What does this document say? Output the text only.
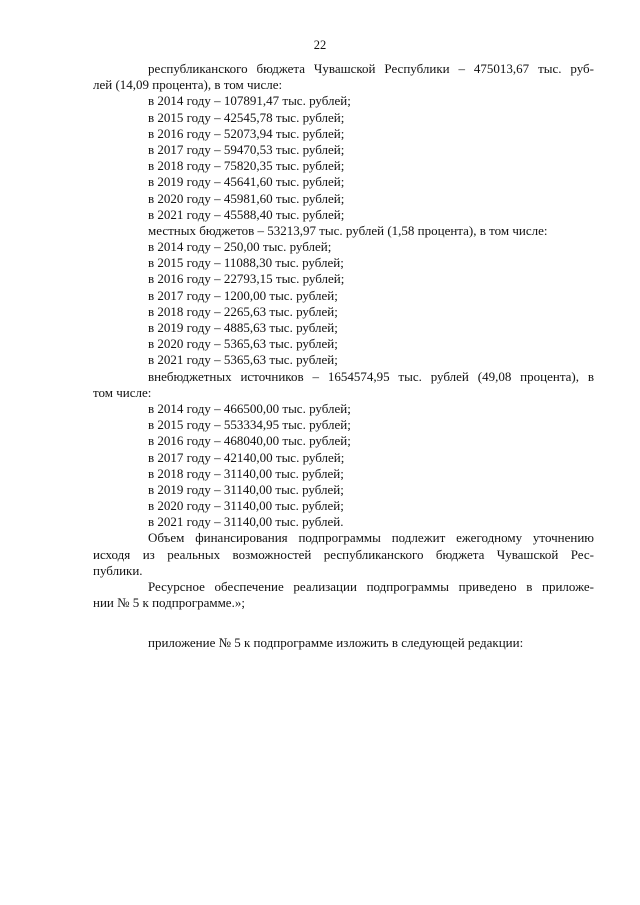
22
республиканского бюджета Чувашской Республики – 475013,67 тыс. руб-
лей (14,09 процента), в том числе:
в 2014 году – 107891,47 тыс. рублей;
в 2015 году – 42545,78 тыс. рублей;
в 2016 году – 52073,94 тыс. рублей;
в 2017 году – 59470,53 тыс. рублей;
в 2018 году – 75820,35 тыс. рублей;
в 2019 году – 45641,60 тыс. рублей;
в 2020 году – 45981,60 тыс. рублей;
в 2021 году – 45588,40 тыс. рублей;
местных бюджетов – 53213,97 тыс. рублей (1,58 процента), в том числе:
в 2014 году – 250,00 тыс. рублей;
в 2015 году – 11088,30 тыс. рублей;
в 2016 году – 22793,15 тыс. рублей;
в 2017 году – 1200,00 тыс. рублей;
в 2018 году – 2265,63 тыс. рублей;
в 2019 году – 4885,63 тыс. рублей;
в 2020 году – 5365,63 тыс. рублей;
в 2021 году – 5365,63 тыс. рублей;
внебюджетных источников – 1654574,95 тыс. рублей (49,08 процента), в
том числе:
в 2014 году – 466500,00 тыс. рублей;
в 2015 году – 553334,95 тыс. рублей;
в 2016 году – 468040,00 тыс. рублей;
в 2017 году – 42140,00 тыс. рублей;
в 2018 году – 31140,00 тыс. рублей;
в 2019 году – 31140,00 тыс. рублей;
в 2020 году – 31140,00 тыс. рублей;
в 2021 году – 31140,00 тыс. рублей.
Объем финансирования подпрограммы подлежит ежегодному уточнению
исходя из реальных возможностей республиканского бюджета Чувашской Рес-
публики.
Ресурсное обеспечение реализации подпрограммы приведено в приложе-
нии № 5 к подпрограмме.»;
приложение № 5 к подпрограмме изложить в следующей редакции:
